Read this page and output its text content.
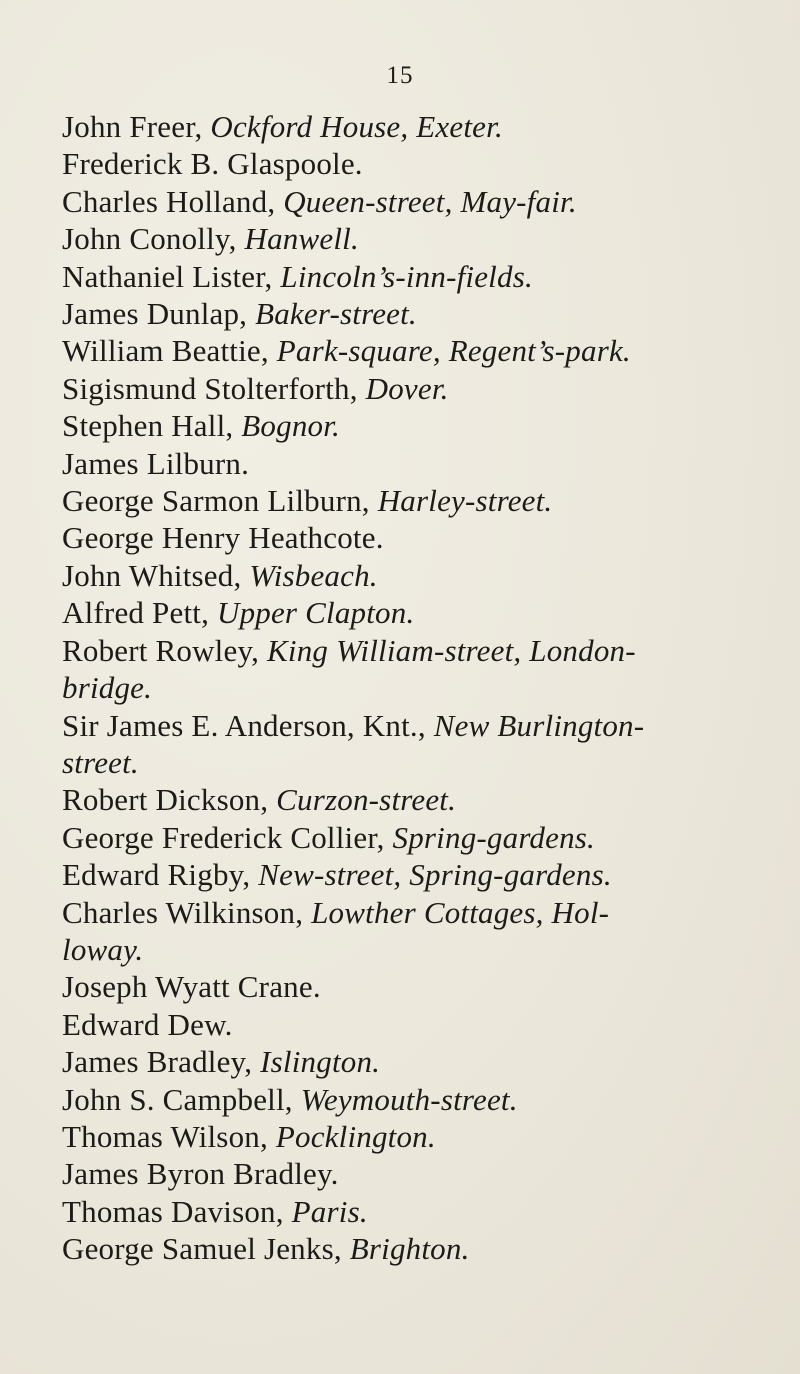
15
John Freer, Ockford House, Exeter.
Frederick B. Glaspoole.
Charles Holland, Queen-street, May-fair.
John Conolly, Hanwell.
Nathaniel Lister, Lincoln’s-inn-fields.
James Dunlap, Baker-street.
William Beattie, Park-square, Regent’s-park.
Sigismund Stolterforth, Dover.
Stephen Hall, Bognor.
James Lilburn.
George Sarmon Lilburn, Harley-street.
George Henry Heathcote.
John Whitsed, Wisbeach.
Alfred Pett, Upper Clapton.
Robert Rowley, King William-street, London-
bridge.
Sir James E. Anderson, Knt., New Burlington-
street.
Robert Dickson, Curzon-street.
George Frederick Collier, Spring-gardens.
Edward Rigby, New-street, Spring-gardens.
Charles Wilkinson, Lowther Cottages, Hol-
loway.
Joseph Wyatt Crane.
Edward Dew.
James Bradley, Islington.
John S. Campbell, Weymouth-street.
Thomas Wilson, Pocklington.
James Byron Bradley.
Thomas Davison, Paris.
George Samuel Jenks, Brighton.
